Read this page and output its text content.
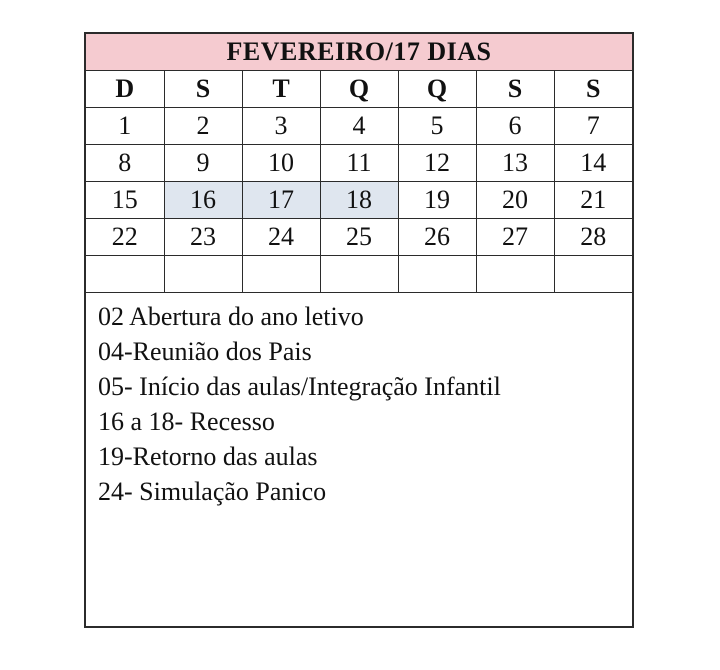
FEVEREIRO/17 DIAS						
D	S	T	Q	Q	S	S
1	2	3	4	5	6	7
8	9	10	11	12	13	14
15	16	17	18	19	20	21
22	23	24	25	26	27	28

02 Abertura do ano letivo
04-Reunião dos Pais
05- Início das aulas/Integração Infantil
16 a 18- Recesso
19-Retorno das aulas
24- Simulação Panico
